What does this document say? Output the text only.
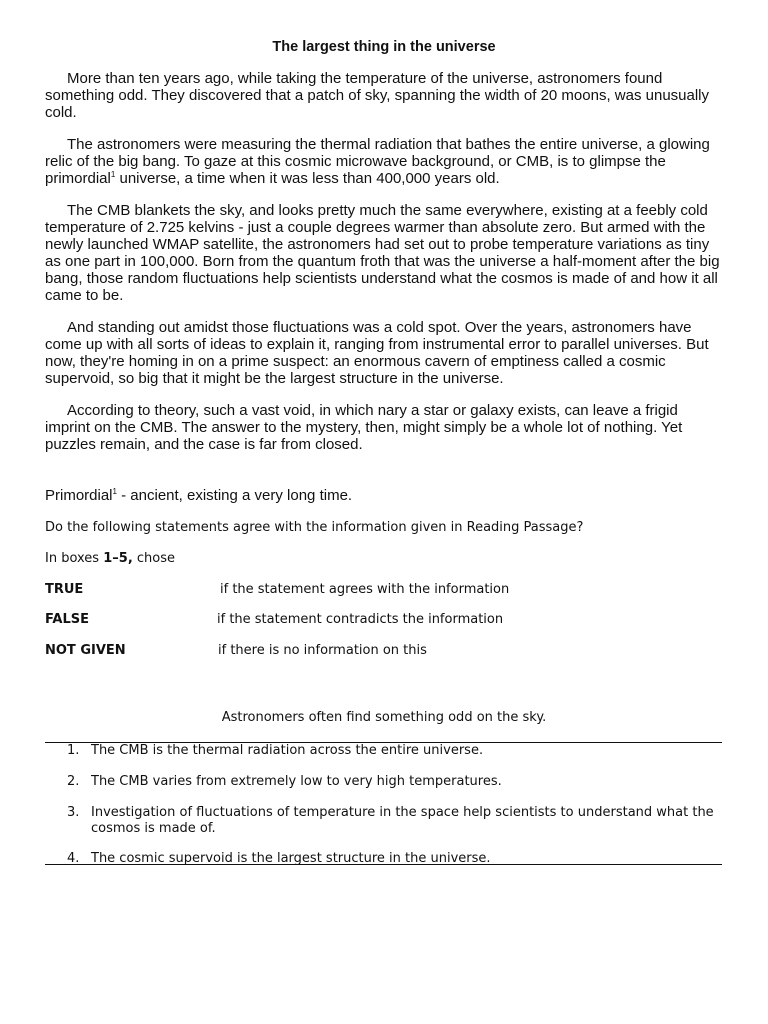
The largest thing in the universe

More than ten years ago, while taking the temperature of the universe, astronomers found something odd. They discovered that a patch of sky, spanning the width of 20 moons, was unusually cold.

The astronomers were measuring the thermal radiation that bathes the entire universe, a glowing relic of the big bang. To gaze at this cosmic microwave background, or CMB, is to glimpse the primordial$^1$ universe, a time when it was less than 400,000 years old.

The CMB blankets the sky, and looks pretty much the same everywhere, existing at a feebly cold temperature of 2.725 kelvins - just a couple degrees warmer than absolute zero. But armed with the newly launched WMAP satellite, the astronomers had set out to probe temperature variations as tiny as one part in 100,000. Born from the quantum froth that was the universe a half-moment after the big bang, those random fluctuations help scientists understand what the cosmos is made of and how it all came to be.

And standing out amidst those fluctuations was a cold spot. Over the years, astronomers have come up with all sorts of ideas to explain it, ranging from instrumental error to parallel universes. But now, they're homing in on a prime suspect: an enormous cavern of emptiness called a cosmic supervoid, so big that it might be the largest structure in the universe.

According to theory, such a vast void, in which nary a star or galaxy exists, can leave a frigid imprint on the CMB. The answer to the mystery, then, might simply be a whole lot of nothing. Yet puzzles remain, and the case is far from closed.

Primordial$^1$ - ancient, existing a very long time.
Do the following statements agree with the information given in Reading Passage?
In boxes 1–5, chose
TRUE	if the statement agrees with the information
FALSE	if the statement contradicts the information
NOT GIVEN	if there is no information on this
Astronomers often find something odd on the sky.
1. The CMB is the thermal radiation across the entire universe.
2. The CMB varies from extremely low to very high temperatures.
3. Investigation of fluctuations of temperature in the space help scientists to understand what the cosmos is made of.
4. The cosmic supervoid is the largest structure in the universe.
